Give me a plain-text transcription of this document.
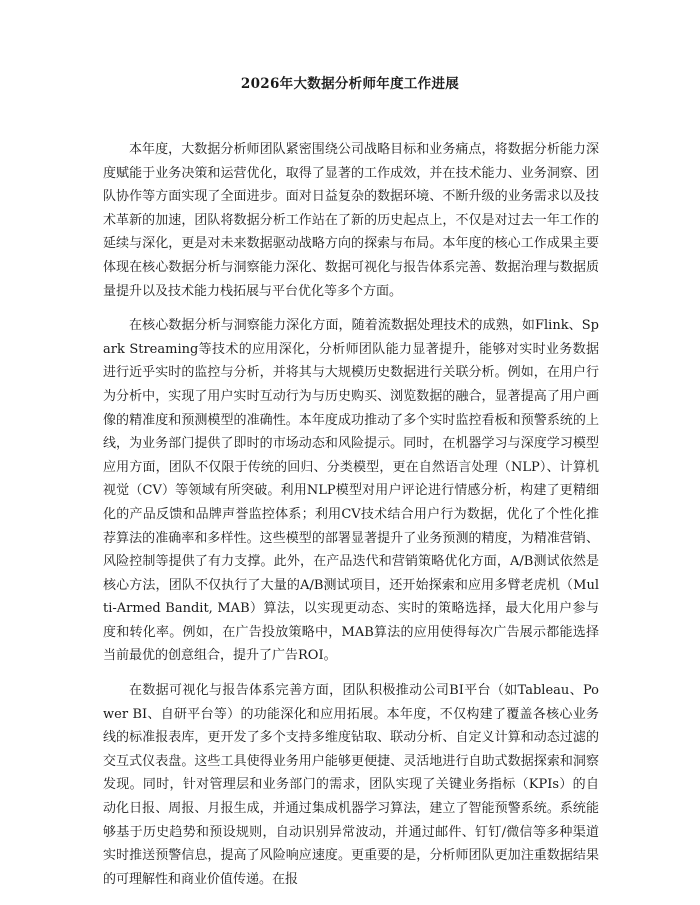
2026年大数据分析师年度工作进展

本年度，大数据分析师团队紧密围绕公司战略目标和业务痛点，将数据分析能力深度赋能于业务决策和运营优化，取得了显著的工作成效，并在技术能力、业务洞察、团队协作等方面实现了全面进步。面对日益复杂的数据环境、不断升级的业务需求以及技术革新的加速，团队将数据分析工作站在了新的历史起点上，不仅是对过去一年工作的延续与深化，更是对未来数据驱动战略方向的探索与布局。本年度的核心工作成果主要体现在核心数据分析与洞察能力深化、数据可视化与报告体系完善、数据治理与数据质量提升以及技术能力栈拓展与平台优化等多个方面。

在核心数据分析与洞察能力深化方面，随着流数据处理技术的成熟，如Flink、Spark Streaming等技术的应用深化，分析师团队能力显著提升，能够对实时业务数据进行近乎实时的监控与分析，并将其与大规模历史数据进行关联分析。例如，在用户行为分析中，实现了用户实时互动行为与历史购买、浏览数据的融合，显著提高了用户画像的精准度和预测模型的准确性。本年度成功推动了多个实时监控看板和预警系统的上线，为业务部门提供了即时的市场动态和风险提示。同时，在机器学习与深度学习模型应用方面，团队不仅限于传统的回归、分类模型，更在自然语言处理（NLP）、计算机视觉（CV）等领域有所突破。利用NLP模型对用户评论进行情感分析，构建了更精细化的产品反馈和品牌声誉监控体系；利用CV技术结合用户行为数据，优化了个性化推荐算法的准确率和多样性。这些模型的部署显著提升了业务预测的精度，为精准营销、风险控制等提供了有力支撑。此外，在产品迭代和营销策略优化方面，A/B测试依然是核心方法，团队不仅执行了大量的A/B测试项目，还开始探索和应用多臂老虎机（Multi-Armed Bandit, MAB）算法，以实现更动态、实时的策略选择，最大化用户参与度和转化率。例如，在广告投放策略中，MAB算法的应用使得每次广告展示都能选择当前最优的创意组合，提升了广告ROI。

在数据可视化与报告体系完善方面，团队积极推动公司BI平台（如Tableau、Power BI、自研平台等）的功能深化和应用拓展。本年度，不仅构建了覆盖各核心业务线的标准报表库，更开发了多个支持多维度钻取、联动分析、自定义计算和动态过滤的交互式仪表盘。这些工具使得业务用户能够更便捷、灵活地进行自助式数据探索和洞察发现。同时，针对管理层和业务部门的需求，团队实现了关键业务指标（KPIs）的自动化日报、周报、月报生成，并通过集成机器学习算法，建立了智能预警系统。系统能够基于历史趋势和预设规则，自动识别异常波动，并通过邮件、钉钉/微信等多种渠道实时推送预警信息，提高了风险响应速度。更重要的是，分析师团队更加注重数据结果的可理解性和商业价值传递。在报
